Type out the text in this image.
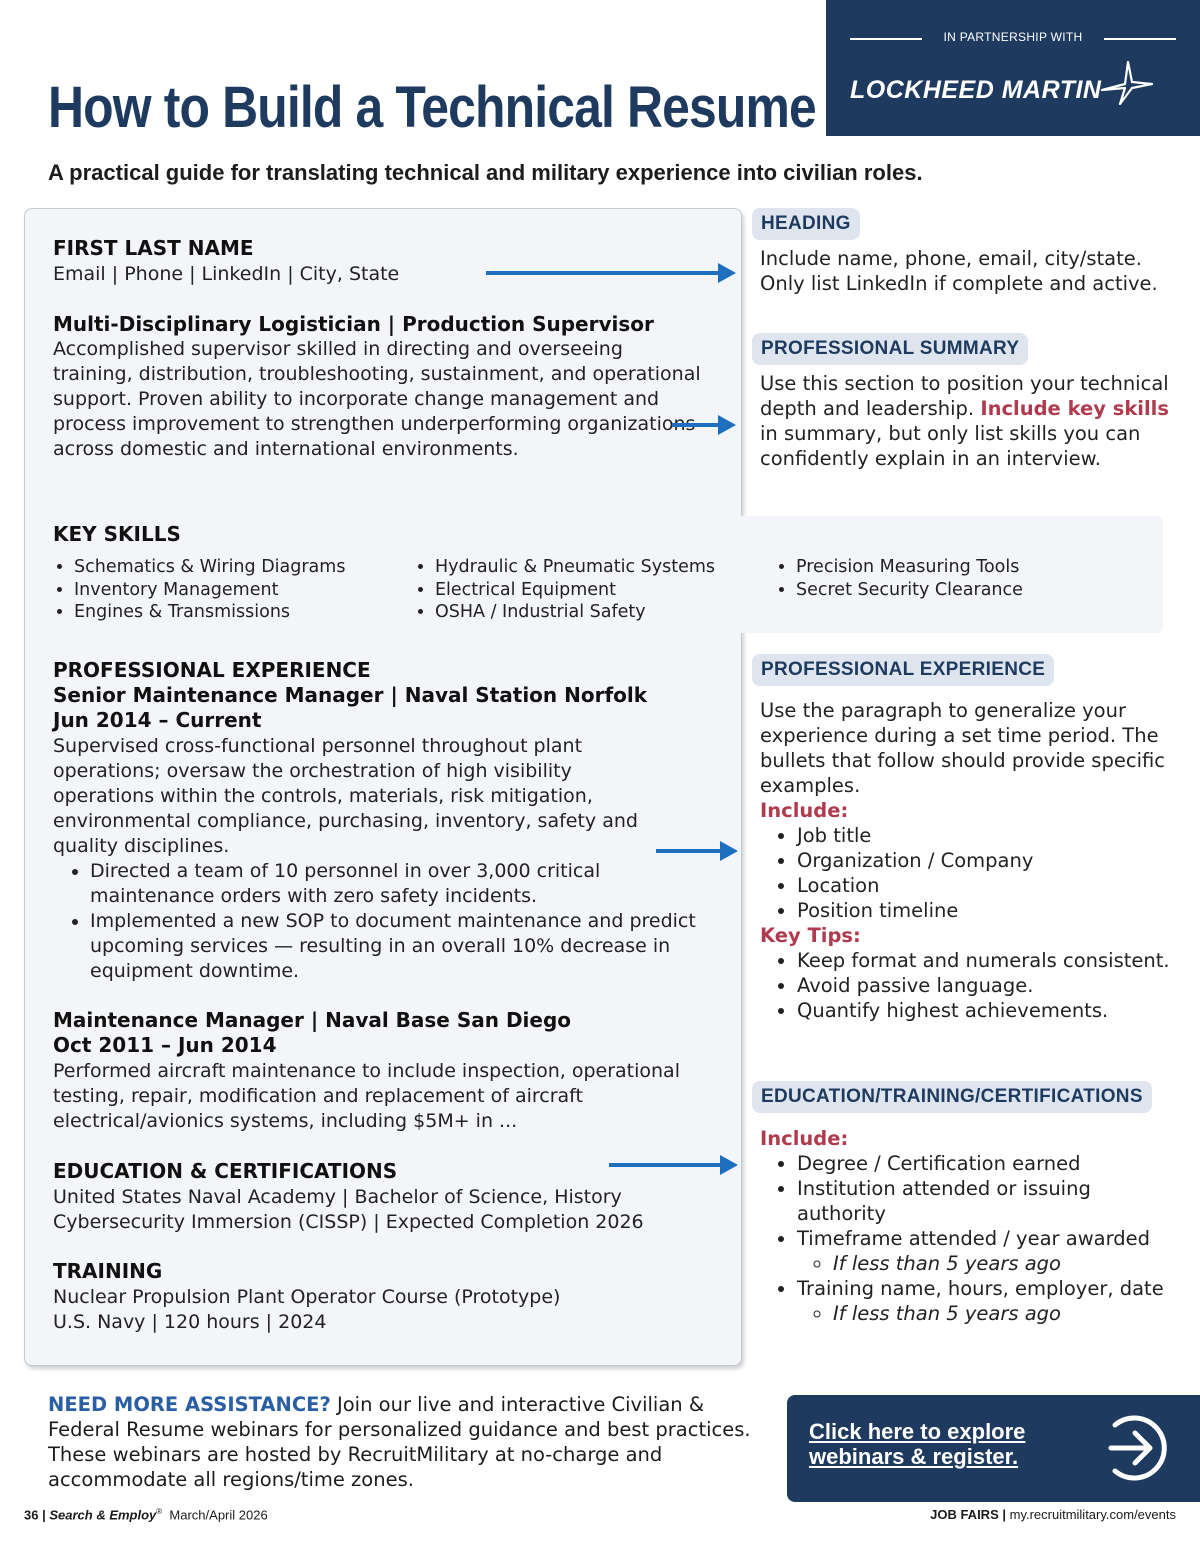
How to Build a Technical Resume

A practical guide for translating technical and military experience into civilian roles.

IN PARTNERSHIP WITH
LOCKHEED MARTIN
FIRST LAST NAME
Email | Phone | LinkedIn | City, State
Multi-Disciplinary Logistician | Production Supervisor
Accomplished supervisor skilled in directing and overseeing training, distribution, troubleshooting, sustainment, and operational support. Proven ability to incorporate change management and process improvement to strengthen underperforming organizations across domestic and international environments.
KEY SKILLS
• Schematics & Wiring Diagrams
• Inventory Management
• Engines & Transmissions
• Hydraulic & Pneumatic Systems
• Electrical Equipment
• OSHA / Industrial Safety
• Precision Measuring Tools
• Secret Security Clearance
PROFESSIONAL EXPERIENCE
Senior Maintenance Manager | Naval Station Norfolk
Jun 2014 – Current
Supervised cross-functional personnel throughout plant operations; oversaw the orchestration of high visibility operations within the controls, materials, risk mitigation, environmental compliance, purchasing, inventory, safety and quality disciplines.
• Directed a team of 10 personnel in over 3,000 critical maintenance orders with zero safety incidents.
• Implemented a new SOP to document maintenance and predict upcoming services — resulting in an overall 10% decrease in equipment downtime.
Maintenance Manager | Naval Base San Diego
Oct 2011 – Jun 2014
Performed aircraft maintenance to include inspection, operational testing, repair, modification and replacement of aircraft electrical/avionics systems, including $5M+ in ...
EDUCATION & CERTIFICATIONS
United States Naval Academy | Bachelor of Science, History
Cybersecurity Immersion (CISSP) | Expected Completion 2026
TRAINING
Nuclear Propulsion Plant Operator Course (Prototype)
U.S. Navy | 120 hours | 2024
HEADING

Include name, phone, email, city/state. Only list LinkedIn if complete and active.

PROFESSIONAL SUMMARY

Use this section to position your technical depth and leadership. Include key skills in summary, but only list skills you can confidently explain in an interview.

PROFESSIONAL EXPERIENCE

Use the paragraph to generalize your experience during a set time period. The bullets that follow should provide specific examples.

Include:
• Job title
• Organization / Company
• Location
• Position timeline
Key Tips:
• Keep format and numerals consistent.
• Avoid passive language.
• Quantify highest achievements.
EDUCATION/TRAINING/CERTIFICATIONS
Include:
• Degree / Certification earned
• Institution attended or issuing authority
• Timeframe attended / year awarded
◦ If less than 5 years ago
• Training name, hours, employer, date
◦ If less than 5 years ago
NEED MORE ASSISTANCE? Join our live and interactive Civilian & Federal Resume webinars for personalized guidance and best practices. These webinars are hosted by RecruitMilitary at no-charge and accommodate all regions/time zones.
Click here to explore webinars & register.
36 | Search & Employ® March/April 2026	JOB FAIRS | my.recruitmilitary.com/events
